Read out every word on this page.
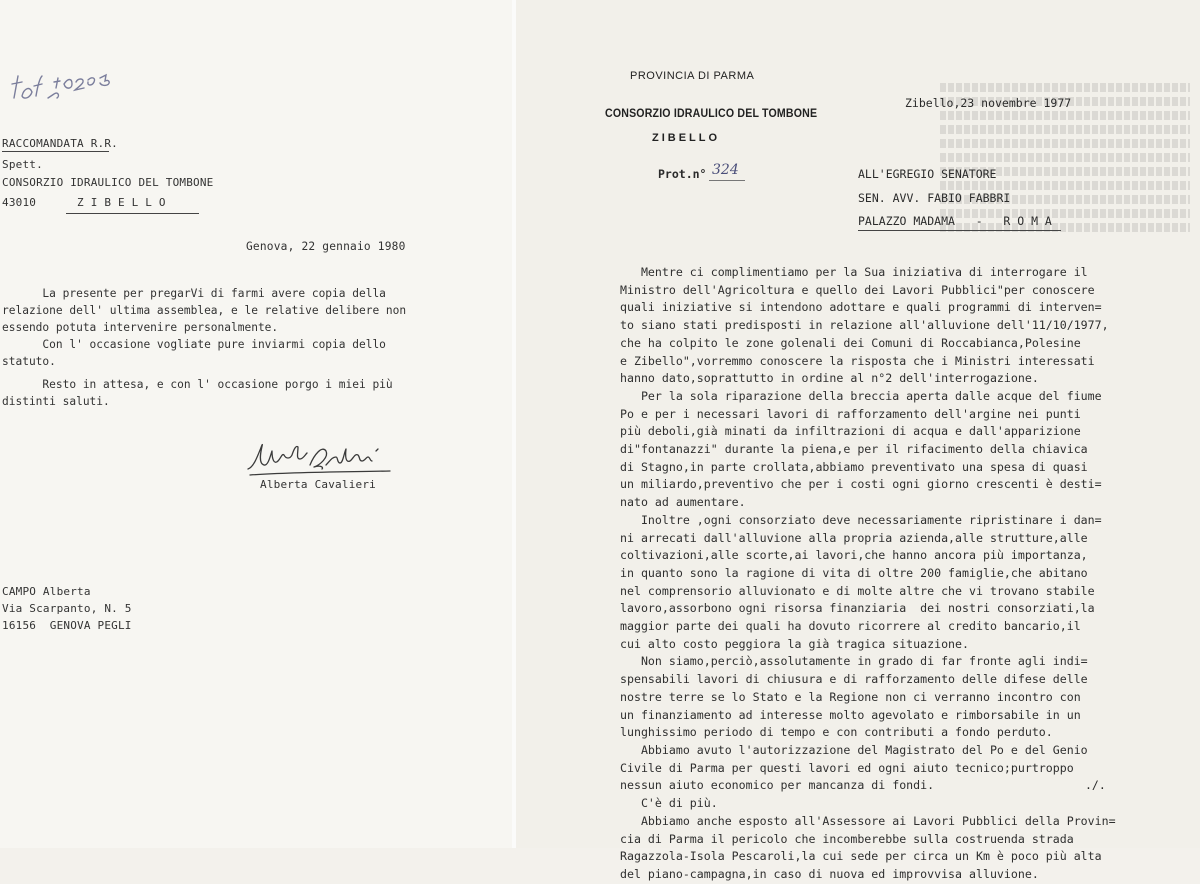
lett.n 0395
RACCOMANDATA R.R.
Spett.
CONSORZIO IDRAULICO DEL TOMBONE
43010      Z I B E L L O
Genova, 22 gennaio 1980
La presente per pregarVi di farmi avere copia della
relazione dell' ultima assemblea, e le relative delibere non
essendo potuta intervenire personalmente.
Con l' occasione vogliate pure inviarmi copia dello
statuto.
Resto in attesa, e con l' occasione porgo i miei più
distinti saluti.
Alberta Cavalieri
CAMPO Alberta
Via Scarpanto, N. 5
16156  GENOVA PEGLI
PROVINCIA DI PARMA
CONSORZIO IDRAULICO DEL TOMBONE
ZIBELLO
Zibello,23 novembre 1977
Prot.n° 324	ALL'EGREGIO SENATORE
SEN. AVV. FABIO FABBRI
PALAZZO MADAMA   -   R O M A
Mentre ci complimentiamo per la Sua iniziativa di interrogare il
Ministro dell'Agricoltura e quello dei Lavori Pubblici"per conoscere
quali iniziative si intendono adottare e quali programmi di interven=
to siano stati predisposti in relazione all'alluvione dell'11/10/1977,
che ha colpito le zone golenali dei Comuni di Roccabianca,Polesine
e Zibello",vorremmo conoscere la risposta che i Ministri interessati
hanno dato,soprattutto in ordine al n°2 dell'interrogazione.
Per la sola riparazione della breccia aperta dalle acque del fiume
Po e per i necessari lavori di rafforzamento dell'argine nei punti
più deboli,già minati da infiltrazioni di acqua e dall'apparizione
di"fontanazzi" durante la piena,e per il rifacimento della chiavica
di Stagno,in parte crollata,abbiamo preventivato una spesa di quasi
un miliardo,preventivo che per i costi ogni giorno crescenti è desti=
nato ad aumentare.
Inoltre ,ogni consorziato deve necessariamente ripristinare i dan=
ni arrecati dall'alluvione alla propria azienda,alle strutture,alle
coltivazioni,alle scorte,ai lavori,che hanno ancora più importanza,
in quanto sono la ragione di vita di oltre 200 famiglie,che abitano
nel comprensorio alluvionato e di molte altre che vi trovano stabile
lavoro,assorbono ogni risorsa finanziaria  dei nostri consorziati,la
maggior parte dei quali ha dovuto ricorrere al credito bancario,il
cui alto costo peggiora la già tragica situazione.
Non siamo,perciò,assolutamente in grado di far fronte agli indi=
spensabili lavori di chiusura e di rafforzamento delle difese delle
nostre terre se lo Stato e la Regione non ci verranno incontro con
un finanziamento ad interesse molto agevolato e rimborsabile in un
lunghissimo periodo di tempo e con contributi a fondo perduto.
Abbiamo avuto l'autorizzazione del Magistrato del Po e del Genio
Civile di Parma per questi lavori ed ogni aiuto tecnico;purtroppo
nessun aiuto economico per mancanza di fondi.
C'è di più.
Abbiamo anche esposto all'Assessore ai Lavori Pubblici della Provin=
cia di Parma il pericolo che incomberebbe sulla costruenda strada
Ragazzola-Isola Pescaroli,la cui sede per circa un Km è poco più alta
del piano-campagna,in caso di nuova ed improvvisa alluvione.
./.
